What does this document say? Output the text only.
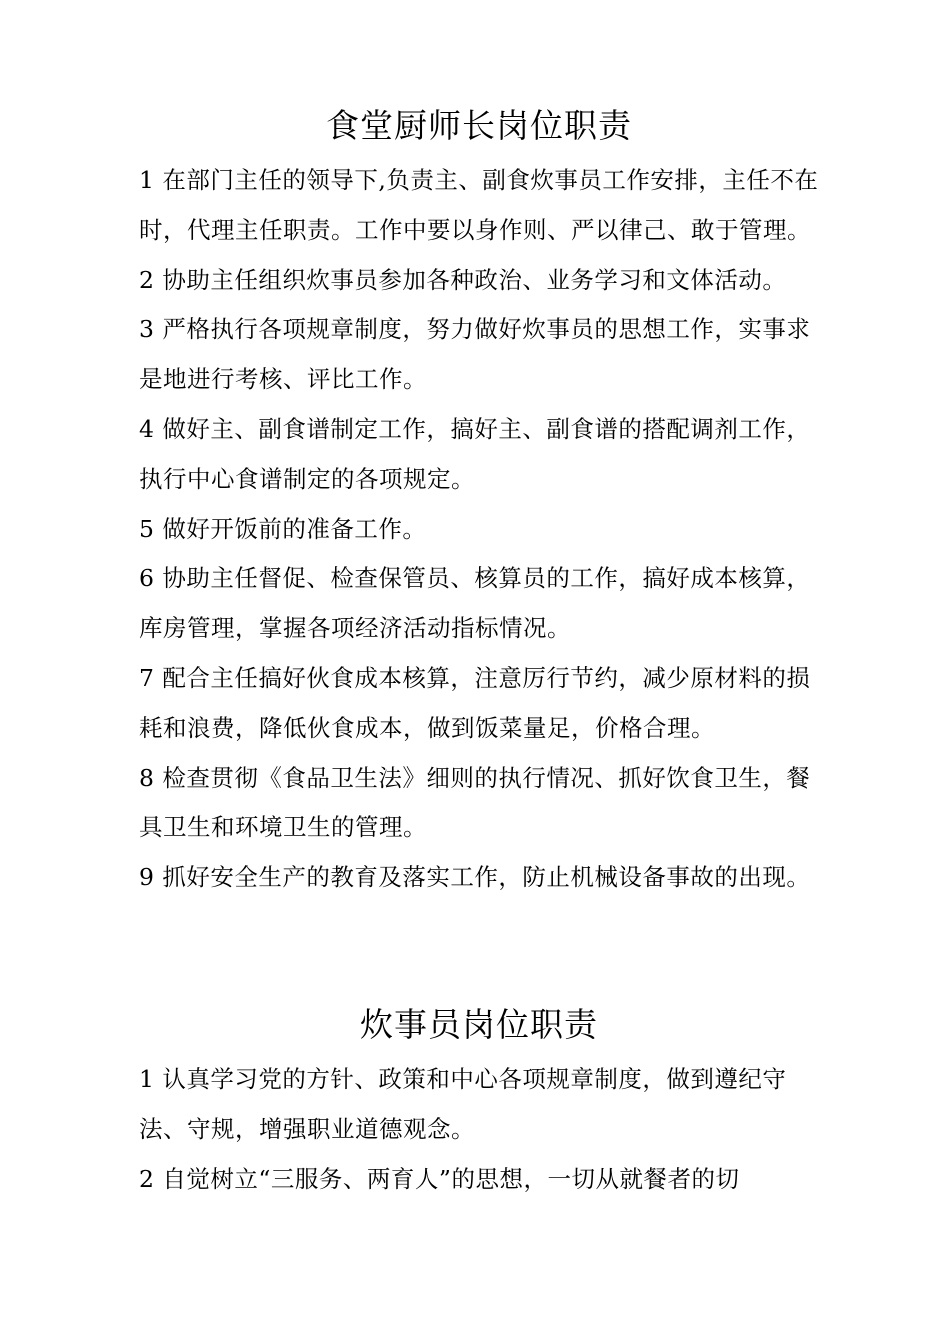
食堂厨师长岗位职责

1 在部门主任的领导下,负责主、副食炊事员工作安排，主任不在时，代理主任职责。工作中要以身作则、严以律己、敢于管理。

2 协助主任组织炊事员参加各种政治、业务学习和文体活动。

3 严格执行各项规章制度，努力做好炊事员的思想工作，实事求是地进行考核、评比工作。

4 做好主、副食谱制定工作，搞好主、副食谱的搭配调剂工作，执行中心食谱制定的各项规定。

5 做好开饭前的准备工作。

6 协助主任督促、检查保管员、核算员的工作，搞好成本核算，库房管理，掌握各项经济活动指标情况。

7 配合主任搞好伙食成本核算，注意厉行节约，减少原材料的损耗和浪费，降低伙食成本，做到饭菜量足，价格合理。

8 检查贯彻《食品卫生法》细则的执行情况、抓好饮食卫生，餐具卫生和环境卫生的管理。

9 抓好安全生产的教育及落实工作，防止机械设备事故的出现。

炊事员岗位职责

1 认真学习党的方针、政策和中心各项规章制度，做到遵纪守法、守规，增强职业道德观念。

2 自觉树立“三服务、两育人”的思想，一切从就餐者的切
